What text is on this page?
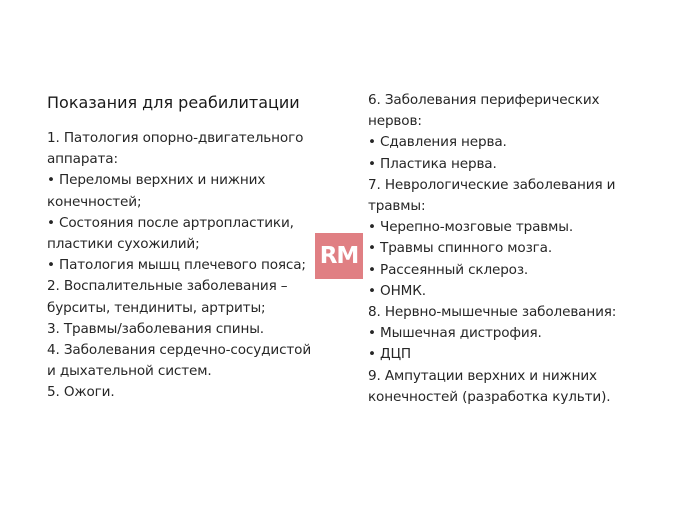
Показания для реабилитации
1. Патология опорно-двигательного
аппарата:
• Переломы верхних и нижних
конечностей;
• Состояния после артропластики,
пластики сухожилий;
• Патология мышц плечевого пояса;
2. Воспалительные заболевания –
бурситы, тендиниты, артриты;
3. Травмы/заболевания спины.
4. Заболевания сердечно-сосудистой
и дыхательной систем.
5. Ожоги.
6. Заболевания периферических
нервов:
• Сдавления нерва.
• Пластика нерва.
7. Неврологические заболевания и
травмы:
• Черепно-мозговые травмы.
• Травмы спинного мозга.
• Рассеянный склероз.
• ОНМК.
8. Нервно-мышечные заболевания:
• Мышечная дистрофия.
• ДЦП
9. Ампутации верхних и нижних
конечностей (разработка культи).
RM
